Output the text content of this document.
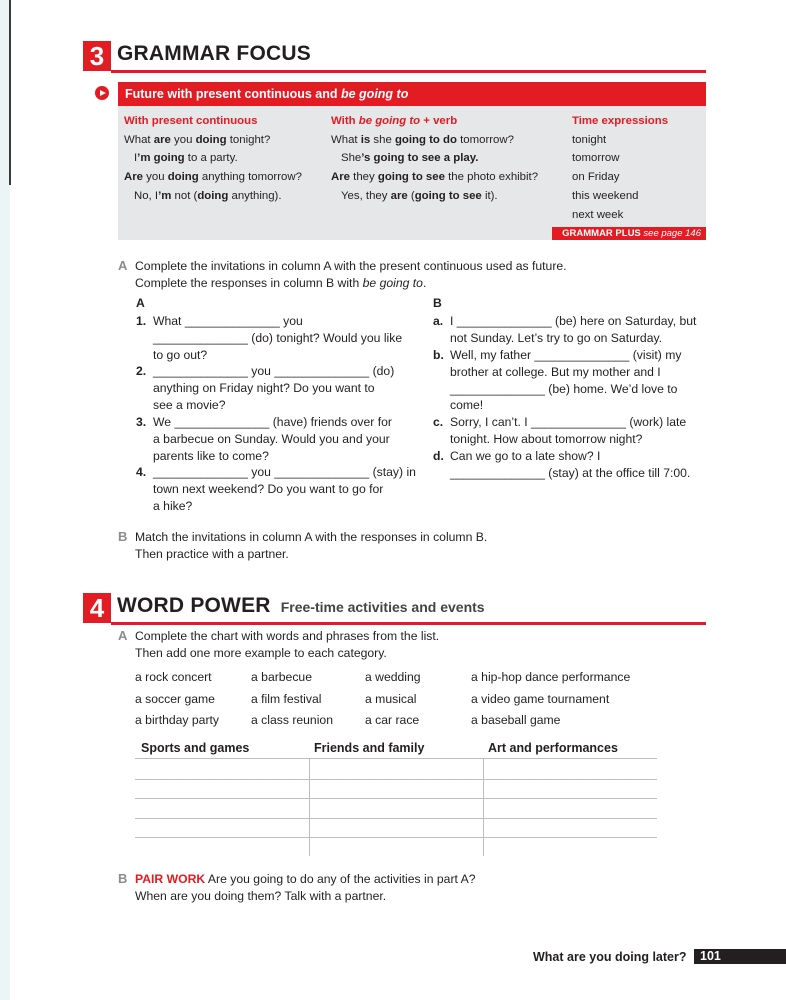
3 GRAMMAR FOCUS
Future with present continuous and be going to
With present continuous
What are you doing tonight?
I’m going to a party.
Are you doing anything tomorrow?
No, I’m not (doing anything).
With be going to + verb
What is she going to do tomorrow?
She’s going to see a play.
Are they going to see the photo exhibit?
Yes, they are (going to see it).
Time expressions
tonight
tomorrow
on Friday
this weekend
next week
GRAMMAR PLUS see page 146
A Complete the invitations in column A with the present continuous used as future.
Complete the responses in column B with be going to.
A	B
1. What ______________ you
______________ (do) tonight? Would you like
to go out?
2. ______________ you ______________ (do)
anything on Friday night? Do you want to
see a movie?
3. We ______________ (have) friends over for
a barbecue on Sunday. Would you and your
parents like to come?
4. ______________ you ______________ (stay) in
town next weekend? Do you want to go for
a hike?
a. I ______________ (be) here on Saturday, but
not Sunday. Let’s try to go on Saturday.
b. Well, my father ______________ (visit) my
brother at college. But my mother and I
______________ (be) home. We’d love to
come!
c. Sorry, I can’t. I ______________ (work) late
tonight. How about tomorrow night?
d. Can we go to a late show? I
______________ (stay) at the office till 7:00.
B Match the invitations in column A with the responses in column B.
Then practice with a partner.
4 WORD POWER Free-time activities and events
A Complete the chart with words and phrases from the list.
Then add one more example to each category.
a rock concert	a barbecue	a wedding	a hip-hop dance performance
a soccer game	a film festival	a musical	a video game tournament
a birthday party	a class reunion	a car race	a baseball game
Sports and games	Friends and family	Art and performances
B PAIR WORK Are you going to do any of the activities in part A?
When are you doing them? Talk with a partner.
What are you doing later?	101
